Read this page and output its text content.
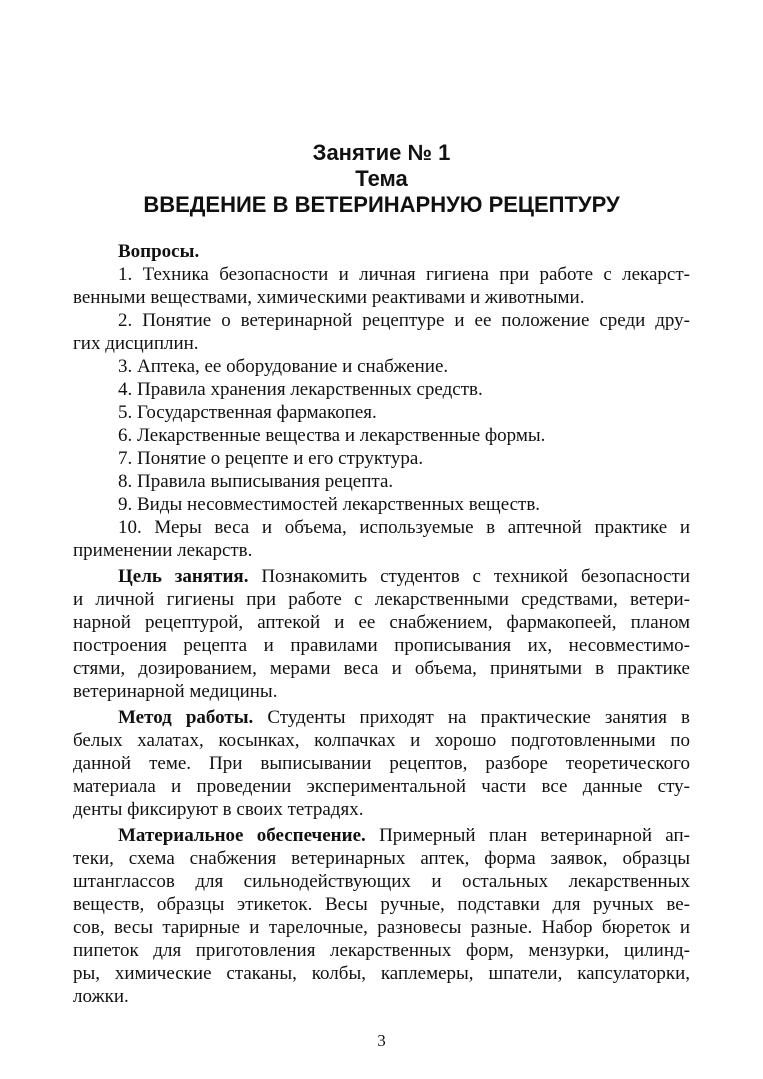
Занятие № 1
Тема
ВВЕДЕНИЕ В ВЕТЕРИНАРНУЮ РЕЦЕПТУРУ
Вопросы.
1. Техника безопасности и личная гигиена при работе с лекарст-
венными веществами, химическими реактивами и животными.
2. Понятие о ветеринарной рецептуре и ее положение среди дру-
гих дисциплин.
3. Аптека, ее оборудование и снабжение.
4. Правила хранения лекарственных средств.
5. Государственная фармакопея.
6. Лекарственные вещества и лекарственные формы.
7. Понятие о рецепте и его структура.
8. Правила выписывания рецепта.
9. Виды несовместимостей лекарственных веществ.
10. Меры веса и объема, используемые в аптечной практике и
применении лекарств.
Цель занятия. Познакомить студентов с техникой безопасности
и личной гигиены при работе с лекарственными средствами, ветери-
нарной рецептурой, аптекой и ее снабжением, фармакопеей, планом
построения рецепта и правилами прописывания их, несовместимо-
стями, дозированием, мерами веса и объема, принятыми в практике
ветеринарной медицины.
Метод работы. Студенты приходят на практические занятия в
белых халатах, косынках, колпачках и хорошо подготовленными по
данной теме. При выписывании рецептов, разборе теоретического
материала и проведении экспериментальной части все данные сту-
денты фиксируют в своих тетрадях.
Материальное обеспечение. Примерный план ветеринарной ап-
теки, схема снабжения ветеринарных аптек, форма заявок, образцы
штанглассов для сильнодействующих и остальных лекарственных
веществ, образцы этикеток. Весы ручные, подставки для ручных ве-
сов, весы тарирные и тарелочные, разновесы разные. Набор бюреток и
пипеток для приготовления лекарственных форм, мензурки, цилинд-
ры, химические стаканы, колбы, каплемеры, шпатели, капсулаторки,
ложки.
3
